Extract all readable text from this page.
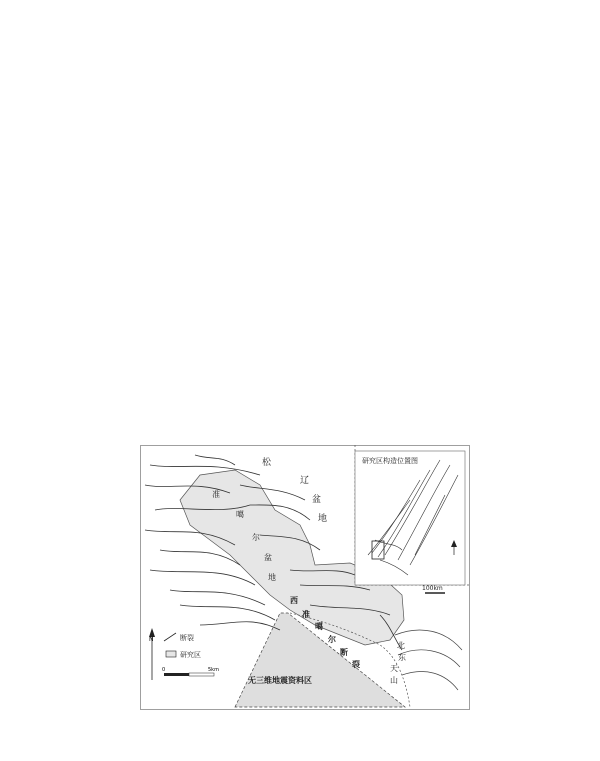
研究区构造位置图
100km
松
辽
盆
地
准
噶
尔
盆
地
西
准
噶
尔
断
裂
北
东
天
山
无三维地震资料区
N	断裂
研究区
0	5km
